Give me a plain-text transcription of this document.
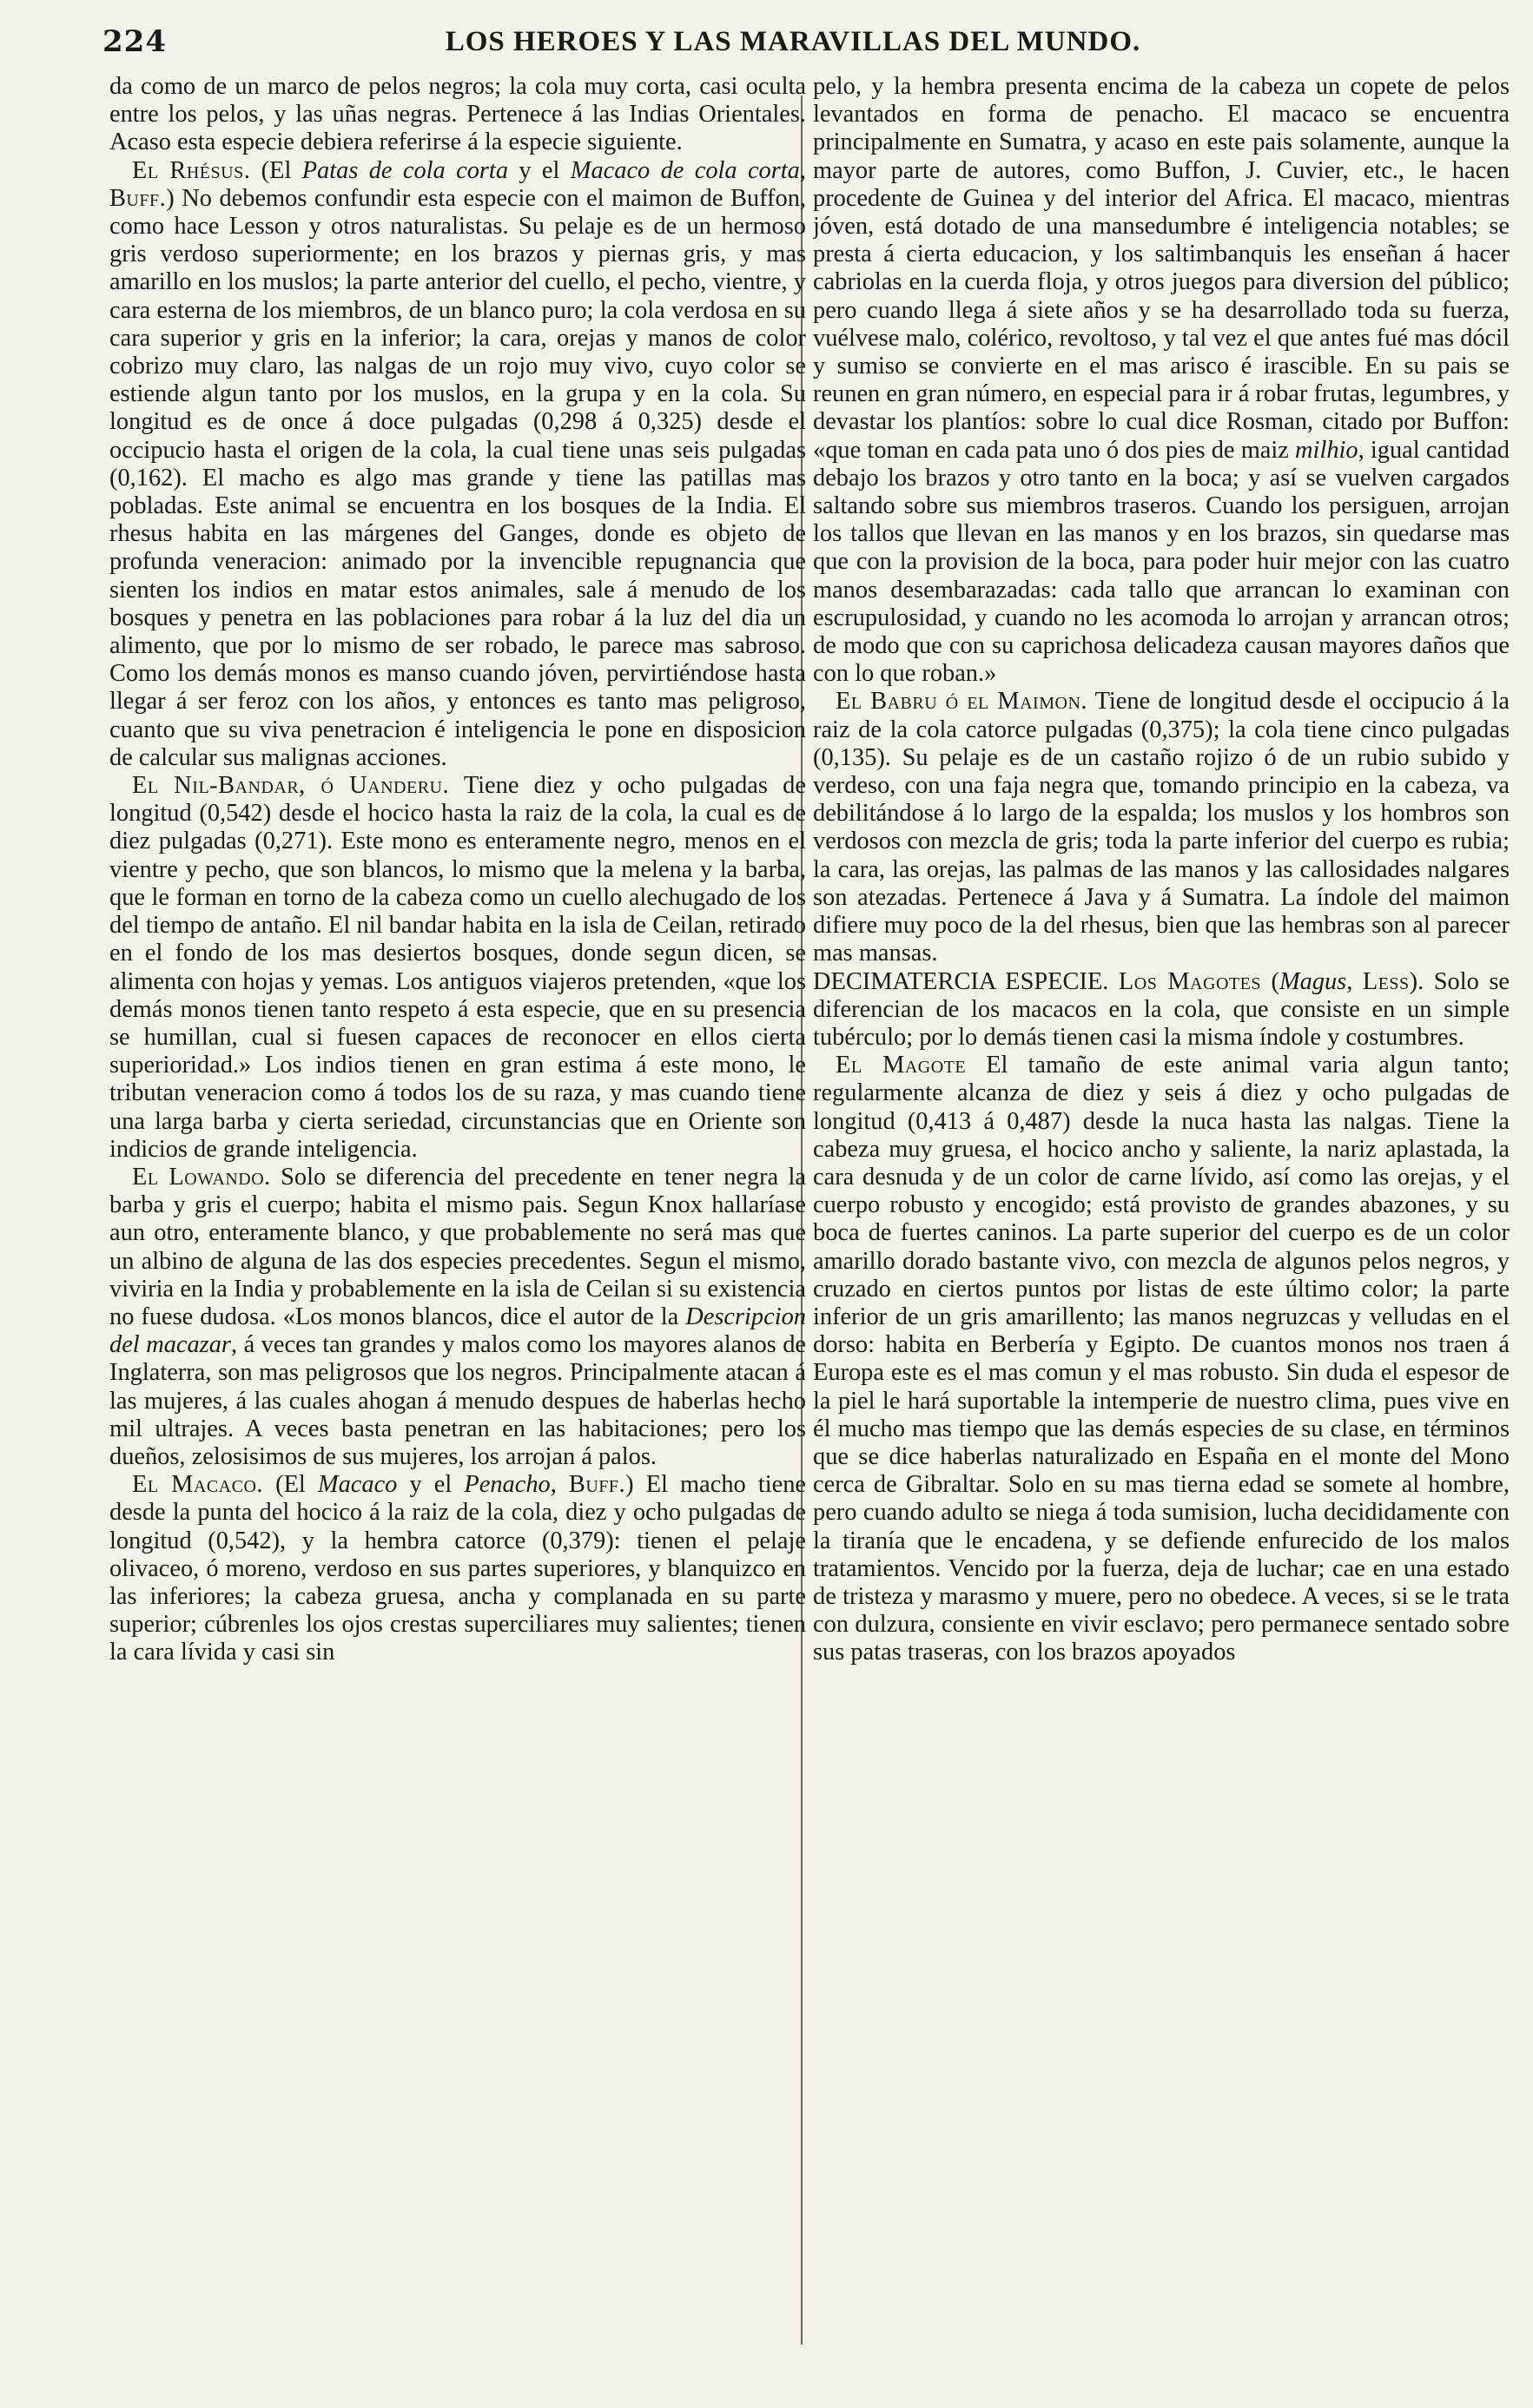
224	LOS HEROES Y LAS MARAVILLAS DEL MUNDO.

da como de un marco de pelos negros; la cola muy corta, casi oculta entre los pelos, y las uñas negras. Pertenece á las Indias Orientales. Acaso esta especie debiera referirse á la especie siguiente.

El Rhésus. (El Patas de cola corta y el Macaco de cola corta, Buff.) No debemos confundir esta especie con el maimon de Buffon, como hace Lesson y otros naturalistas. Su pelaje es de un hermoso gris verdoso superiormente; en los brazos y piernas gris, y mas amarillo en los muslos; la parte anterior del cuello, el pecho, vientre, y cara esterna de los miembros, de un blanco puro; la cola verdosa en su cara superior y gris en la inferior; la cara, orejas y manos de color cobrizo muy claro, las nalgas de un rojo muy vivo, cuyo color se estiende algun tanto por los muslos, en la grupa y en la cola. Su longitud es de once á doce pulgadas (0,298 á 0,325) desde el occipucio hasta el origen de la cola, la cual tiene unas seis pulgadas (0,162). El macho es algo mas grande y tiene las patillas mas pobladas. Este animal se encuentra en los bosques de la India. El rhesus habita en las márgenes del Ganges, donde es objeto de profunda veneracion: animado por la invencible repugnancia que sienten los indios en matar estos animales, sale á menudo de los bosques y penetra en las poblaciones para robar á la luz del dia un alimento, que por lo mismo de ser robado, le parece mas sabroso. Como los demás monos es manso cuando jóven, pervirtiéndose hasta llegar á ser feroz con los años, y entonces es tanto mas peligroso, cuanto que su viva penetracion é inteligencia le pone en disposicion de calcular sus malignas acciones.

El Nil-Bandar, ó Uanderu. Tiene diez y ocho pulgadas de longitud (0,542) desde el hocico hasta la raiz de la cola, la cual es de diez pulgadas (0,271). Este mono es enteramente negro, menos en el vientre y pecho, que son blancos, lo mismo que la melena y la barba, que le forman en torno de la cabeza como un cuello alechugado de los del tiempo de antaño. El nil bandar habita en la isla de Ceilan, retirado en el fondo de los mas desiertos bosques, donde segun dicen, se alimenta con hojas y yemas. Los antiguos viajeros pretenden, «que los demás monos tienen tanto respeto á esta especie, que en su presencia se humillan, cual si fuesen capaces de reconocer en ellos cierta superioridad.» Los indios tienen en gran estima á este mono, le tributan veneracion como á todos los de su raza, y mas cuando tiene una larga barba y cierta seriedad, circunstancias que en Oriente son indicios de grande inteligencia.

El Lowando. Solo se diferencia del precedente en tener negra la barba y gris el cuerpo; habita el mismo pais. Segun Knox hallaríase aun otro, enteramente blanco, y que probablemente no será mas que un albino de alguna de las dos especies precedentes. Segun el mismo, viviria en la India y probablemente en la isla de Ceilan si su existencia no fuese dudosa. «Los monos blancos, dice el autor de la Descripcion del macazar, á veces tan grandes y malos como los mayores alanos de Inglaterra, son mas peligrosos que los negros. Principalmente atacan á las mujeres, á las cuales ahogan á menudo despues de haberlas hecho mil ultrajes. A veces basta penetran en las habitaciones; pero los dueños, zelosisimos de sus mujeres, los arrojan á palos.

El Macaco. (El Macaco y el Penacho, Buff.) El macho tiene desde la punta del hocico á la raiz de la cola, diez y ocho pulgadas de longitud (0,542), y la hembra catorce (0,379): tienen el pelaje olivaceo, ó moreno, verdoso en sus partes superiores, y blanquizco en las inferiores; la cabeza gruesa, ancha y complanada en su parte superior; cúbrenles los ojos crestas superciliares muy salientes; tienen la cara lívida y casi sin

pelo, y la hembra presenta encima de la cabeza un copete de pelos levantados en forma de penacho. El macaco se encuentra principalmente en Sumatra, y acaso en este pais solamente, aunque la mayor parte de autores, como Buffon, J. Cuvier, etc., le hacen procedente de Guinea y del interior del Africa. El macaco, mientras jóven, está dotado de una mansedumbre é inteligencia notables; se presta á cierta educacion, y los saltimbanquis les enseñan á hacer cabriolas en la cuerda floja, y otros juegos para diversion del público; pero cuando llega á siete años y se ha desarrollado toda su fuerza, vuélvese malo, colérico, revoltoso, y tal vez el que antes fué mas dócil y sumiso se convierte en el mas arisco é irascible. En su pais se reunen en gran número, en especial para ir á robar frutas, legumbres, y devastar los plantíos: sobre lo cual dice Rosman, citado por Buffon: «que toman en cada pata uno ó dos pies de maiz milhio, igual cantidad debajo los brazos y otro tanto en la boca; y así se vuelven cargados saltando sobre sus miembros traseros. Cuando los persiguen, arrojan los tallos que llevan en las manos y en los brazos, sin quedarse mas que con la provision de la boca, para poder huir mejor con las cuatro manos desembarazadas: cada tallo que arrancan lo examinan con escrupulosidad, y cuando no les acomoda lo arrojan y arrancan otros; de modo que con su caprichosa delicadeza causan mayores daños que con lo que roban.»

El Babru ó el Maimon. Tiene de longitud desde el occipucio á la raiz de la cola catorce pulgadas (0,375); la cola tiene cinco pulgadas (0,135). Su pelaje es de un castaño rojizo ó de un rubio subido y verdeso, con una faja negra que, tomando principio en la cabeza, va debilitándose á lo largo de la espalda; los muslos y los hombros son verdosos con mezcla de gris; toda la parte inferior del cuerpo es rubia; la cara, las orejas, las palmas de las manos y las callosidades nalgares son atezadas. Pertenece á Java y á Sumatra. La índole del maimon difiere muy poco de la del rhesus, bien que las hembras son al parecer mas mansas.

DECIMATERCIA ESPECIE. Los Magotes (Magus, Less). Solo se diferencian de los macacos en la cola, que consiste en un simple tubérculo; por lo demás tienen casi la misma índole y costumbres.

El Magote El tamaño de este animal varia algun tanto; regularmente alcanza de diez y seis á diez y ocho pulgadas de longitud (0,413 á 0,487) desde la nuca hasta las nalgas. Tiene la cabeza muy gruesa, el hocico ancho y saliente, la nariz aplastada, la cara desnuda y de un color de carne lívido, así como las orejas, y el cuerpo robusto y encogido; está provisto de grandes abazones, y su boca de fuertes caninos. La parte superior del cuerpo es de un color amarillo dorado bastante vivo, con mezcla de algunos pelos negros, y cruzado en ciertos puntos por listas de este último color; la parte inferior de un gris amarillento; las manos negruzcas y velludas en el dorso: habita en Berbería y Egipto. De cuantos monos nos traen á Europa este es el mas comun y el mas robusto. Sin duda el espesor de la piel le hará suportable la intemperie de nuestro clima, pues vive en él mucho mas tiempo que las demás especies de su clase, en términos que se dice haberlas naturalizado en España en el monte del Mono cerca de Gibraltar. Solo en su mas tierna edad se somete al hombre, pero cuando adulto se niega á toda sumision, lucha decididamente con la tiranía que le encadena, y se defiende enfurecido de los malos tratamientos. Vencido por la fuerza, deja de luchar; cae en una estado de tristeza y marasmo y muere, pero no obedece. A veces, si se le trata con dulzura, consiente en vivir esclavo; pero permanece sentado sobre sus patas traseras, con los brazos apoyados
